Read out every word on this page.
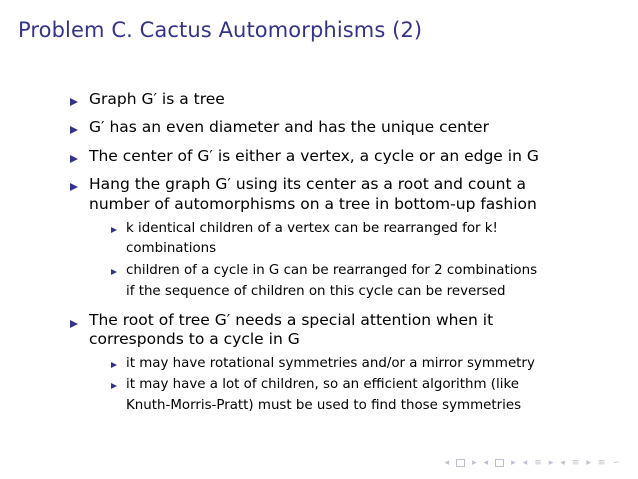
Problem C. Cactus Automorphisms (2)
Graph G′ is a tree
G′ has an even diameter and has the unique center
The center of G′ is either a vertex, a cycle or an edge in G
Hang the graph G′ using its center as a root and count a
number of automorphisms on a tree in bottom-up fashion
k identical children of a vertex can be rearranged for k!
combinations
children of a cycle in G can be rearranged for 2 combinations
if the sequence of children on this cycle can be reversed
The root of tree G′ needs a special attention when it
corresponds to a cycle in G
it may have rotational symmetries and/or a mirror symmetry
it may have a lot of children, so an efficient algorithm (like
Knuth-Morris-Pratt) must be used to find those symmetries
◂	▸ ◂	▸ ◂ ≡ ▸ ◂ ≡ ▸ ≡ ∽
